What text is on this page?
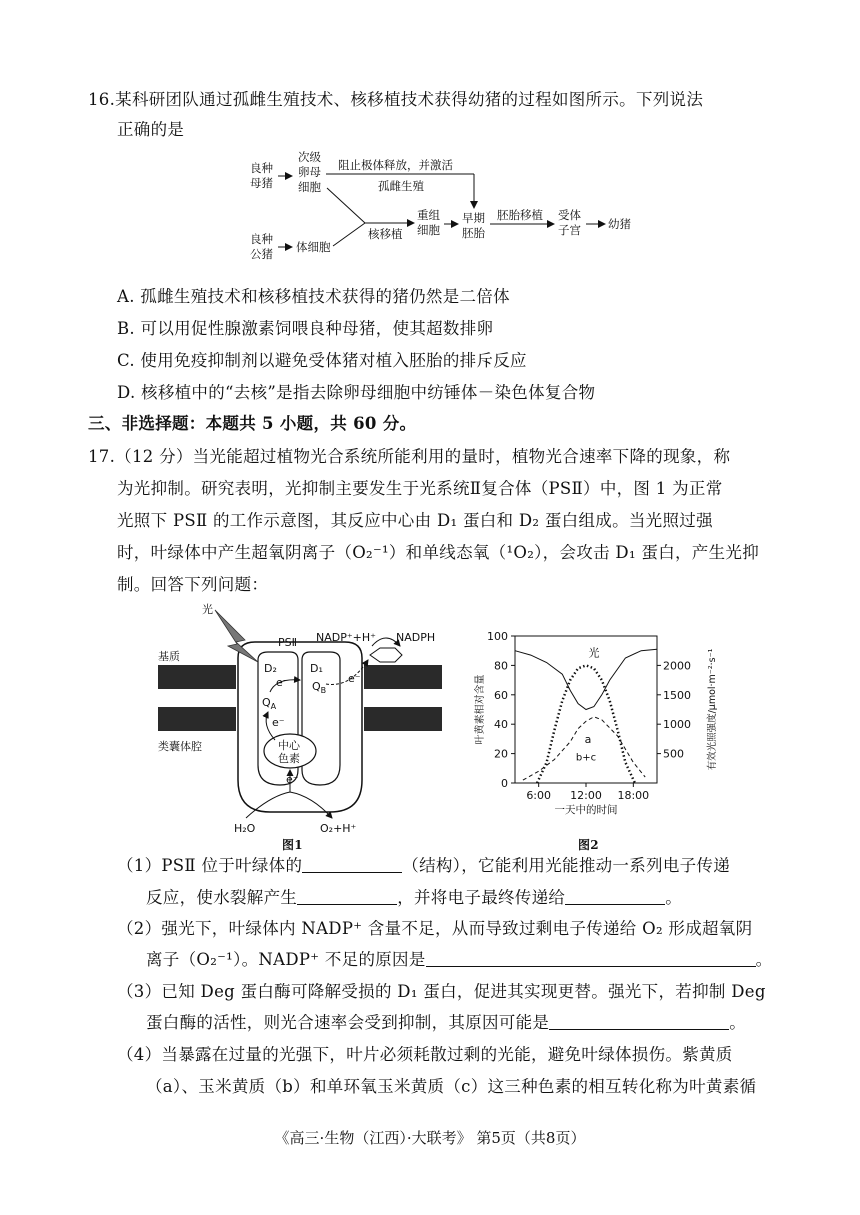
16.某科研团队通过孤雌生殖技术、核移植技术获得幼猪的过程如图所示。下列说法
正确的是
良种
母猪
次级
卵母
细胞
阻止极体释放，并激活
孤雌生殖
良种
公猪 体细胞
核移植
重组
细胞
早期
胚胎
胚胎移植 受体
子宫 幼猪
A. 孤雌生殖技术和核移植技术获得的猪仍然是二倍体
B. 可以用促性腺激素饲喂良种母猪，使其超数排卵
C. 使用免疫抑制剂以避免受体猪对植入胚胎的排斥反应
D. 核移植中的“去核”是指去除卵母细胞中纺锤体－染色体复合物
三、非选择题：本题共 5 小题，共 60 分。
17.（12 分）当光能超过植物光合系统所能利用的量时，植物光合速率下降的现象，称
为光抑制。研究表明，光抑制主要发生于光系统Ⅱ复合体（PSⅡ）中，图 1 为正常
光照下 PSⅡ 的工作示意图，其反应中心由 D₁ 蛋白和 D₂ 蛋白组成。当光照过强
时，叶绿体中产生超氧阴离子（O₂⁻¹）和单线态氧（¹O₂），会攻击 D₁ 蛋白，产生光抑
制。回答下列问题：
中心
色素
光
PSⅡ NADP⁺+H⁺ NADPH
基质
类囊体腔
D₂	D₁
$Q_A$
$Q_B$
e⁻
e⁻
e⁻
e⁻
H₂O	O₂+H⁺
图1
0
20
40
60
80
100
500
1000
1500
2000
6:00 12:00 18:00
一天中的时间
叶黄素相对含量	有效光照强度/μmol·m⁻²·s⁻¹
a
b+c
光
图2
（1）PSⅡ 位于叶绿体的	（结构），它能利用光能推动一系列电子传递
反应，使水裂解产生	，并将电子最终传递给	。
（2）强光下，叶绿体内 NADP⁺ 含量不足，从而导致过剩电子传递给 O₂ 形成超氧阴
离子（O₂⁻¹）。NADP⁺ 不足的原因是	。
（3）已知 Deg 蛋白酶可降解受损的 D₁ 蛋白，促进其实现更替。强光下，若抑制 Deg
蛋白酶的活性，则光合速率会受到抑制，其原因可能是	。
（4）当暴露在过量的光强下，叶片必须耗散过剩的光能，避免叶绿体损伤。紫黄质
（a）、玉米黄质（b）和单环氧玉米黄质（c）这三种色素的相互转化称为叶黄素循
《高三·生物（江西）·大联考》 第5页（共8页）
